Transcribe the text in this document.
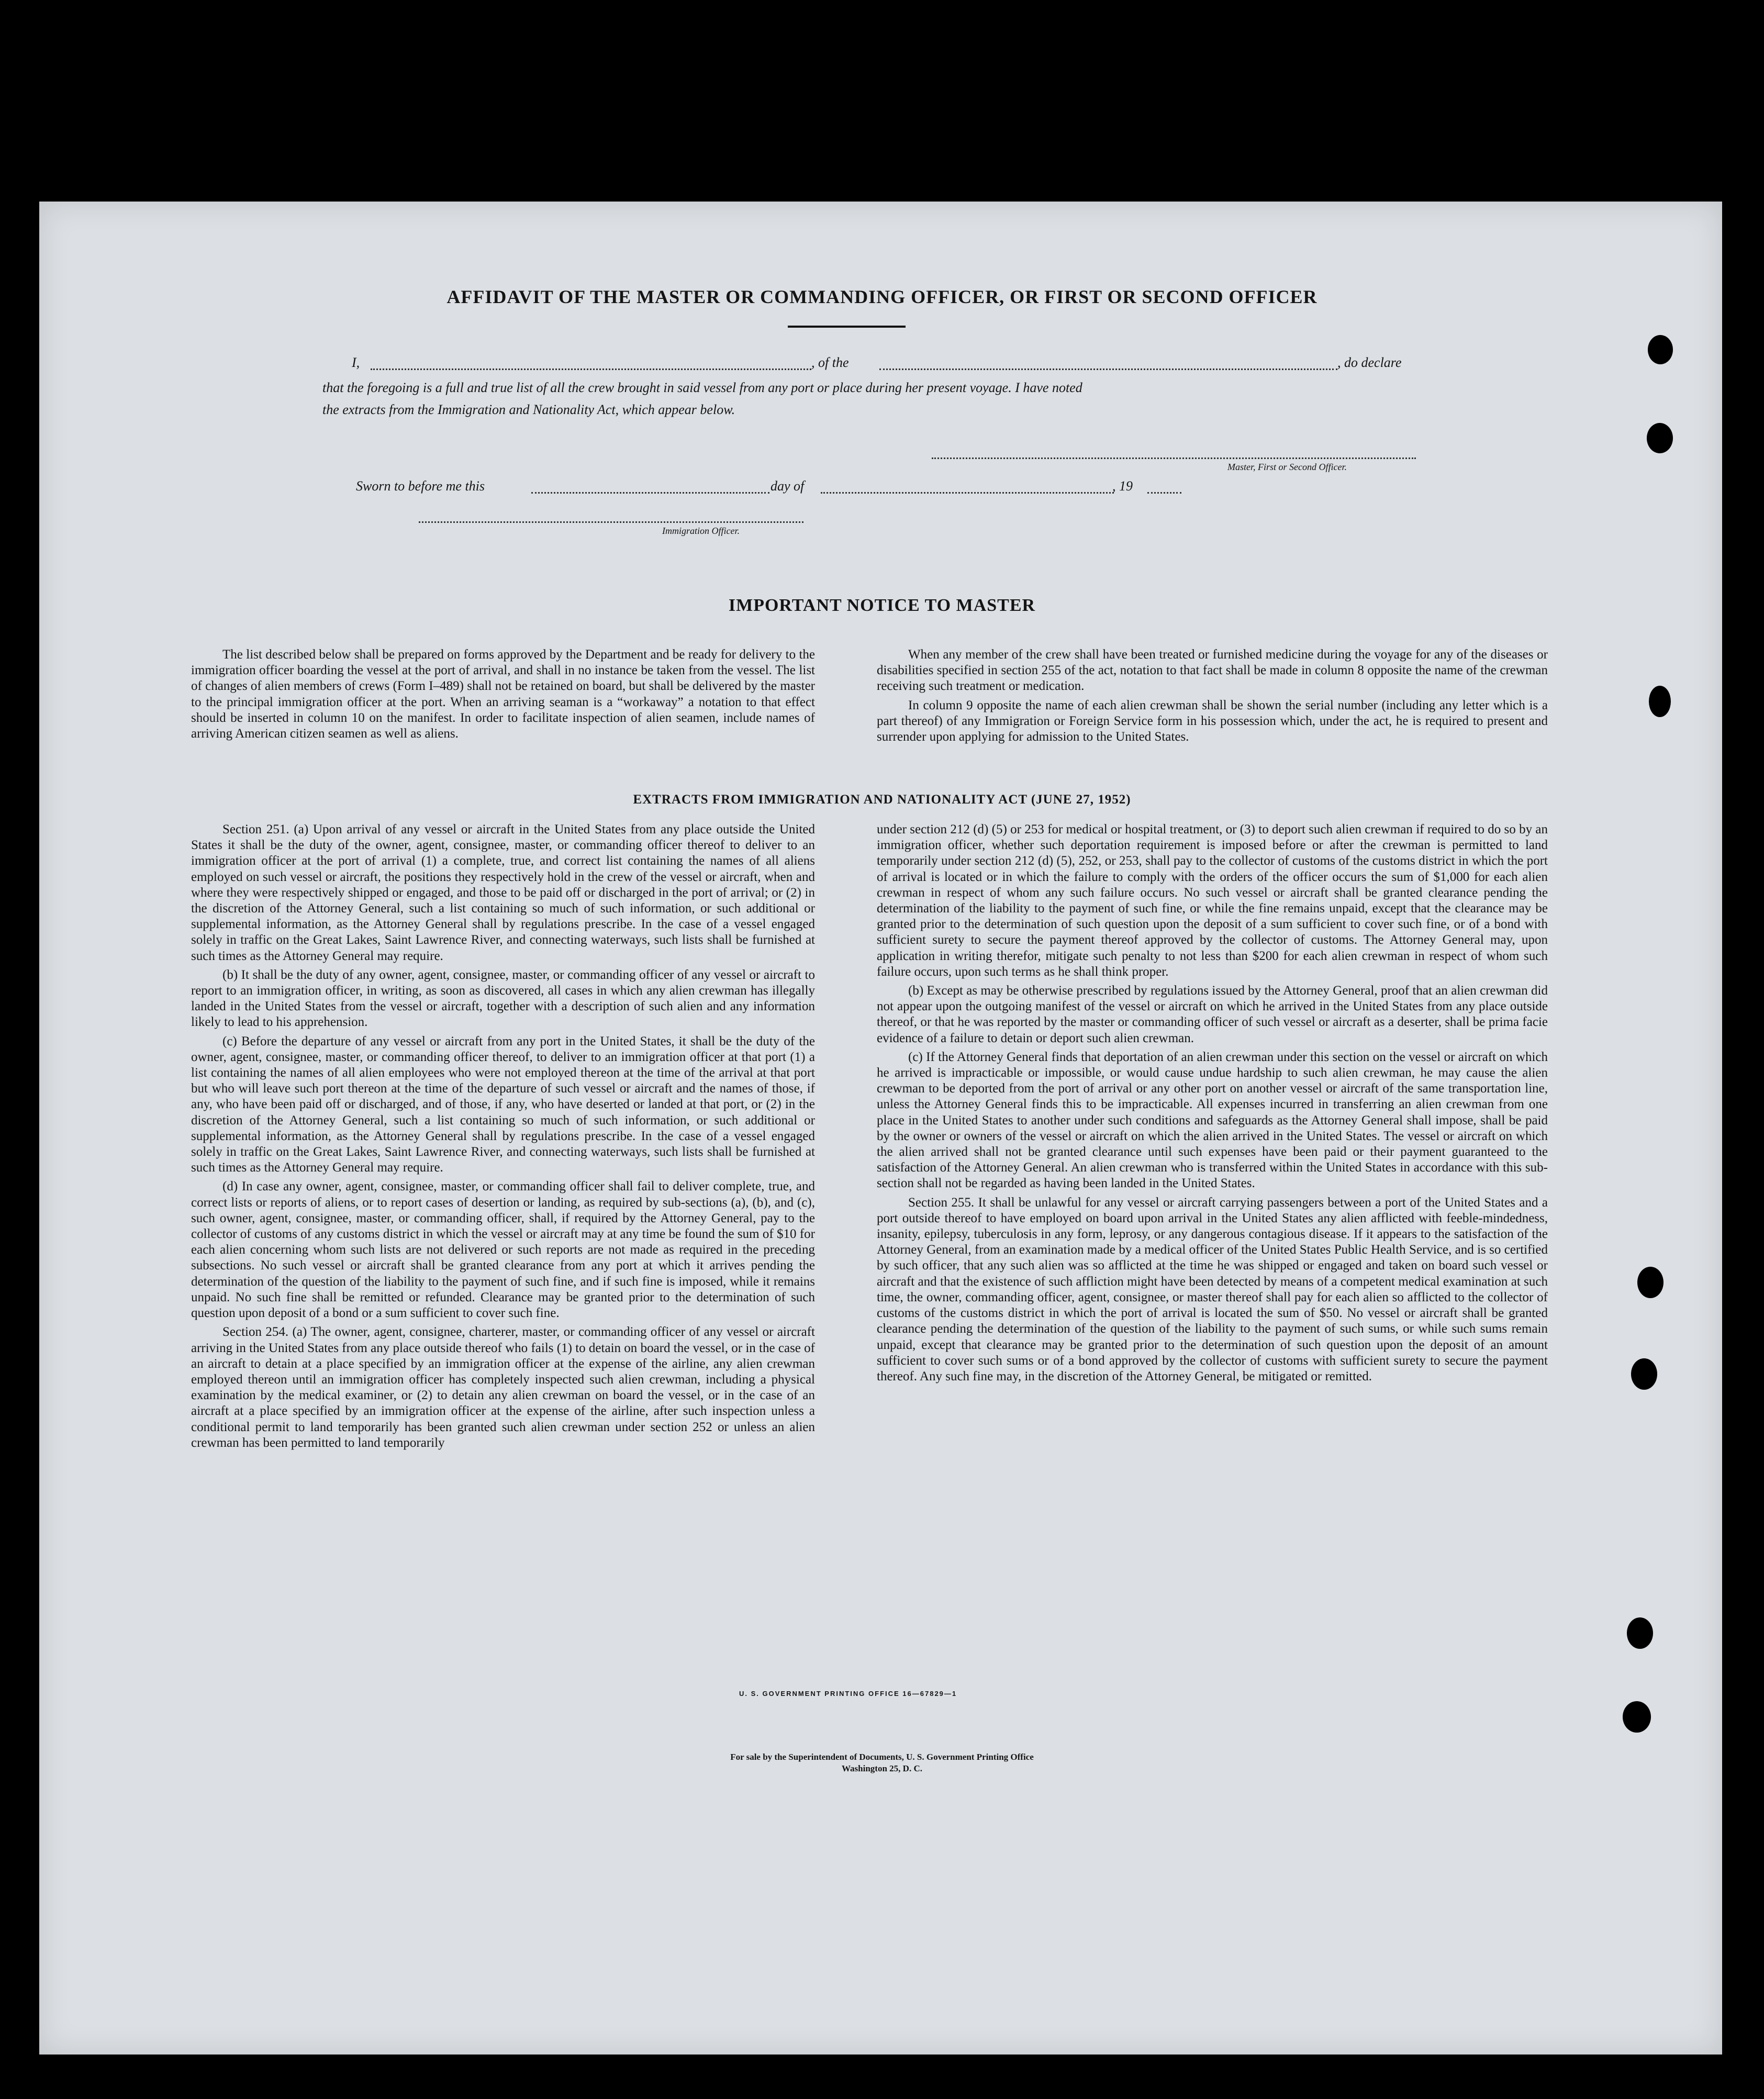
AFFIDAVIT OF THE MASTER OR COMMANDING OFFICER, OR FIRST OR SECOND OFFICER
I,	, of the	, do declare
that the foregoing is a full and true list of all the crew brought in said vessel from any port or place during her present voyage. I have noted
the extracts from the Immigration and Nationality Act, which appear below.
Master, First or Second Officer.
Sworn to before me this	day of	, 19
Immigration Officer.
IMPORTANT NOTICE TO MASTER

The list described below shall be prepared on forms approved by the Department and be ready for delivery to the immigration officer boarding the vessel at the port of arrival, and shall in no instance be taken from the vessel. The list of changes of alien members of crews (Form I–489) shall not be retained on board, but shall be delivered by the master to the principal immigration officer at the port. When an arriving seaman is a “workaway” a notation to that effect should be inserted in column 10 on the manifest. In order to facilitate inspection of alien seamen, include names of arriving American citizen seamen as well as aliens.

When any member of the crew shall have been treated or furnished medicine during the voyage for any of the diseases or disabilities specified in section 255 of the act, notation to that fact shall be made in column 8 opposite the name of the crewman receiving such treatment or medication.

In column 9 opposite the name of each alien crewman shall be shown the serial number (including any letter which is a part thereof) of any Immigration or Foreign Service form in his possession which, under the act, he is required to present and surrender upon applying for admission to the United States.

EXTRACTS FROM IMMIGRATION AND NATIONALITY ACT (JUNE 27, 1952)

Section 251. (a) Upon arrival of any vessel or aircraft in the United States from any place outside the United States it shall be the duty of the owner, agent, consignee, master, or commanding officer thereof to deliver to an immigration officer at the port of arrival (1) a complete, true, and correct list containing the names of all aliens employed on such vessel or aircraft, the positions they respectively hold in the crew of the vessel or aircraft, when and where they were respectively shipped or engaged, and those to be paid off or discharged in the port of arrival; or (2) in the discretion of the Attorney General, such a list containing so much of such information, or such additional or supplemental information, as the Attorney General shall by regulations prescribe. In the case of a vessel engaged solely in traffic on the Great Lakes, Saint Lawrence River, and connecting waterways, such lists shall be furnished at such times as the Attorney General may require.

(b) It shall be the duty of any owner, agent, consignee, master, or commanding officer of any vessel or aircraft to report to an immigration officer, in writing, as soon as discovered, all cases in which any alien crewman has illegally landed in the United States from the vessel or aircraft, together with a description of such alien and any information likely to lead to his apprehension.

(c) Before the departure of any vessel or aircraft from any port in the United States, it shall be the duty of the owner, agent, consignee, master, or commanding officer thereof, to deliver to an immigration officer at that port (1) a list containing the names of all alien employees who were not employed thereon at the time of the arrival at that port but who will leave such port thereon at the time of the departure of such vessel or aircraft and the names of those, if any, who have been paid off or discharged, and of those, if any, who have deserted or landed at that port, or (2) in the discretion of the Attorney General, such a list containing so much of such information, or such additional or supplemental information, as the Attorney General shall by regulations prescribe. In the case of a vessel engaged solely in traffic on the Great Lakes, Saint Lawrence River, and connecting waterways, such lists shall be furnished at such times as the Attorney General may require.

(d) In case any owner, agent, consignee, master, or commanding officer shall fail to deliver complete, true, and correct lists or reports of aliens, or to report cases of desertion or landing, as required by sub-sections (a), (b), and (c), such owner, agent, consignee, master, or commanding officer, shall, if required by the Attorney General, pay to the collector of customs of any customs district in which the vessel or aircraft may at any time be found the sum of $10 for each alien concerning whom such lists are not delivered or such reports are not made as required in the preceding subsections. No such vessel or aircraft shall be granted clearance from any port at which it arrives pending the determination of the question of the liability to the payment of such fine, and if such fine is imposed, while it remains unpaid. No such fine shall be remitted or refunded. Clearance may be granted prior to the determination of such question upon deposit of a bond or a sum sufficient to cover such fine.

Section 254. (a) The owner, agent, consignee, charterer, master, or commanding officer of any vessel or aircraft arriving in the United States from any place outside thereof who fails (1) to detain on board the vessel, or in the case of an aircraft to detain at a place specified by an immigration officer at the expense of the airline, any alien crewman employed thereon until an immigration officer has completely inspected such alien crewman, including a physical examination by the medical examiner, or (2) to detain any alien crewman on board the vessel, or in the case of an aircraft at a place specified by an immigration officer at the expense of the airline, after such inspection unless a conditional permit to land temporarily has been granted such alien crewman under section 252 or unless an alien crewman has been permitted to land temporarily

under section 212 (d) (5) or 253 for medical or hospital treatment, or (3) to deport such alien crewman if required to do so by an immigration officer, whether such deportation requirement is imposed before or after the crewman is permitted to land temporarily under section 212 (d) (5), 252, or 253, shall pay to the collector of customs of the customs district in which the port of arrival is located or in which the failure to comply with the orders of the officer occurs the sum of $1,000 for each alien crewman in respect of whom any such failure occurs. No such vessel or aircraft shall be granted clearance pending the determination of the liability to the payment of such fine, or while the fine remains unpaid, except that the clearance may be granted prior to the determination of such question upon the deposit of a sum sufficient to cover such fine, or of a bond with sufficient surety to secure the payment thereof approved by the collector of customs. The Attorney General may, upon application in writing therefor, mitigate such penalty to not less than $200 for each alien crewman in respect of whom such failure occurs, upon such terms as he shall think proper.

(b) Except as may be otherwise prescribed by regulations issued by the Attorney General, proof that an alien crewman did not appear upon the outgoing manifest of the vessel or aircraft on which he arrived in the United States from any place outside thereof, or that he was reported by the master or commanding officer of such vessel or aircraft as a deserter, shall be prima facie evidence of a failure to detain or deport such alien crewman.

(c) If the Attorney General finds that deportation of an alien crewman under this section on the vessel or aircraft on which he arrived is impracticable or impossible, or would cause undue hardship to such alien crewman, he may cause the alien crewman to be deported from the port of arrival or any other port on another vessel or aircraft of the same transportation line, unless the Attorney General finds this to be impracticable. All expenses incurred in transferring an alien crewman from one place in the United States to another under such conditions and safeguards as the Attorney General shall impose, shall be paid by the owner or owners of the vessel or aircraft on which the alien arrived in the United States. The vessel or aircraft on which the alien arrived shall not be granted clearance until such expenses have been paid or their payment guaranteed to the satisfaction of the Attorney General. An alien crewman who is transferred within the United States in accordance with this sub-section shall not be regarded as having been landed in the United States.

Section 255. It shall be unlawful for any vessel or aircraft carrying passengers between a port of the United States and a port outside thereof to have employed on board upon arrival in the United States any alien afflicted with feeble-mindedness, insanity, epilepsy, tuberculosis in any form, leprosy, or any dangerous contagious disease. If it appears to the satisfaction of the Attorney General, from an examination made by a medical officer of the United States Public Health Service, and is so certified by such officer, that any such alien was so afflicted at the time he was shipped or engaged and taken on board such vessel or aircraft and that the existence of such affliction might have been detected by means of a competent medical examination at such time, the owner, commanding officer, agent, consignee, or master thereof shall pay for each alien so afflicted to the collector of customs of the customs district in which the port of arrival is located the sum of $50. No vessel or aircraft shall be granted clearance pending the determination of the question of the liability to the payment of such sums, or while such sums remain unpaid, except that clearance may be granted prior to the determination of such question upon the deposit of an amount sufficient to cover such sums or of a bond approved by the collector of customs with sufficient surety to secure the payment thereof. Any such fine may, in the discretion of the Attorney General, be mitigated or remitted.

U. S. GOVERNMENT PRINTING OFFICE 16—67829—1
For sale by the Superintendent of Documents, U. S. Government Printing Office
Washington 25, D. C.
